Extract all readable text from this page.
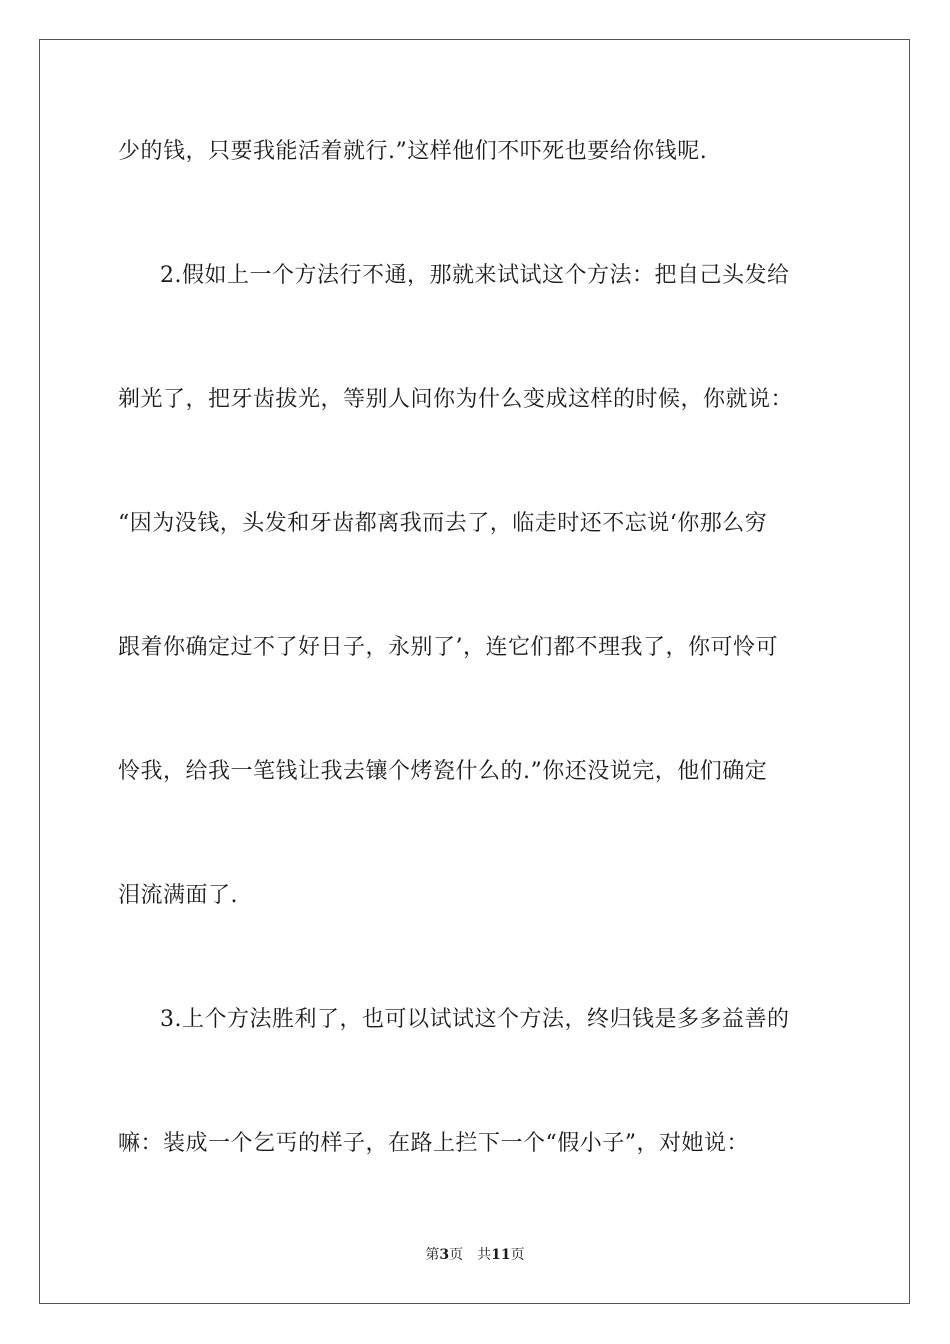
少的钱，只要我能活着就行.”这样他们不吓死也要给你钱呢.
2.假如上一个方法行不通，那就来试试这个方法：把自己头发给
剃光了，把牙齿拔光，等别人问你为什么变成这样的时候，你就说：
“因为没钱，头发和牙齿都离我而去了，临走时还不忘说‘你那么穷
跟着你确定过不了好日子，永别了’，连它们都不理我了，你可怜可
怜我，给我一笔钱让我去镶个烤瓷什么的.”你还没说完，他们确定
泪流满面了.
3.上个方法胜利了，也可以试试这个方法，终归钱是多多益善的
嘛：装成一个乞丐的样子，在路上拦下一个“假小子”，对她说：
第3页 共11页
